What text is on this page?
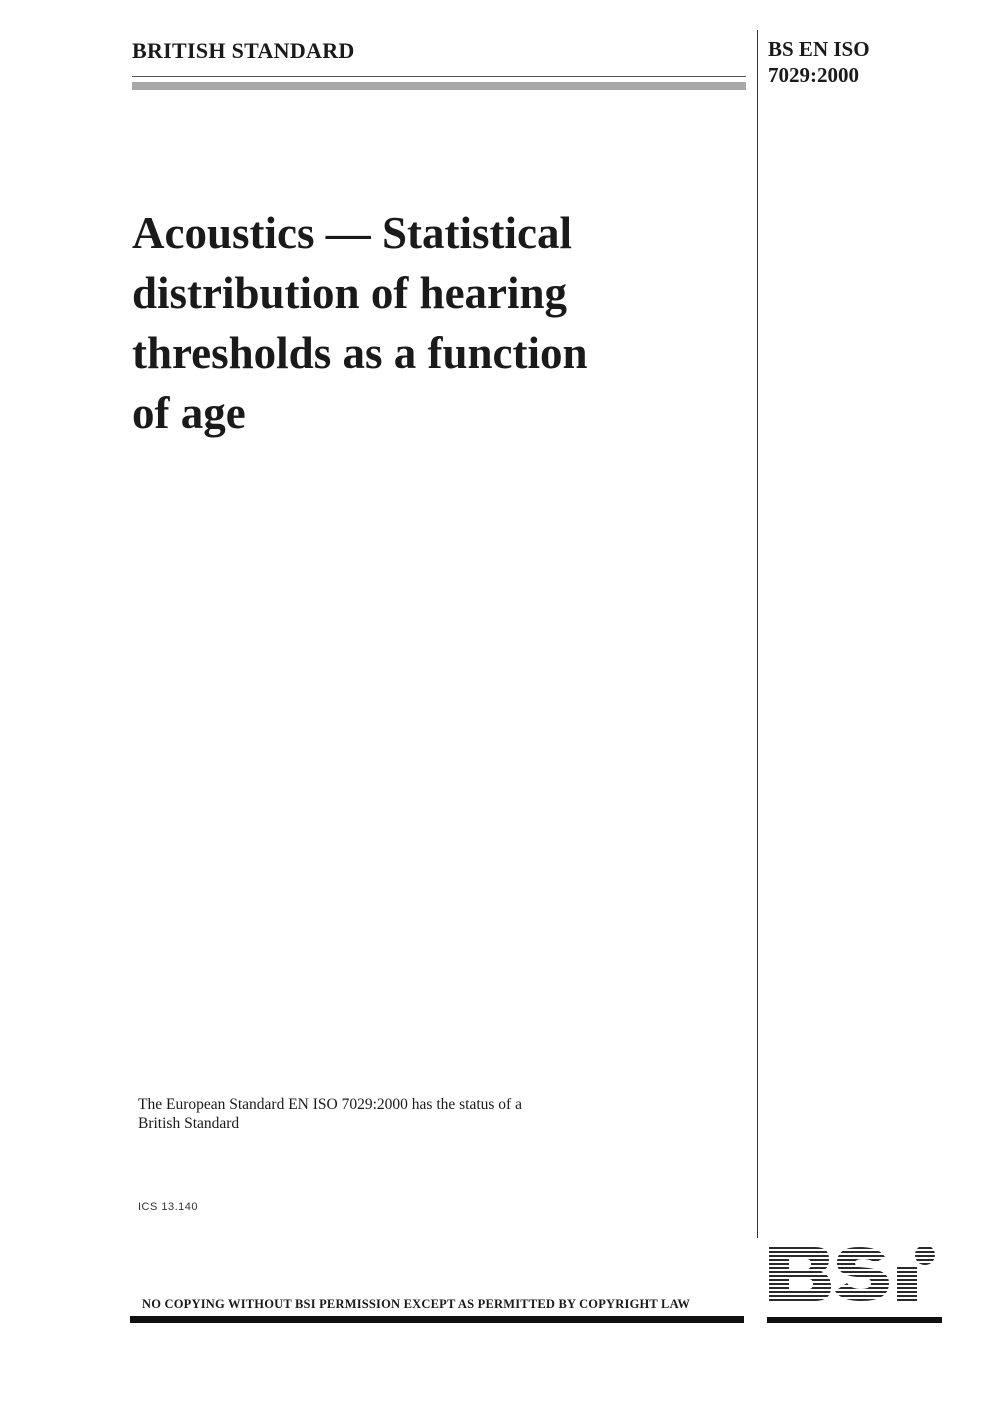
BRITISH STANDARD	BS EN ISO
7029:2000
Acoustics — Statistical
distribution of hearing
thresholds as a function
of age
The European Standard EN ISO 7029:2000 has the status of a
British Standard
ICS 13.140
NO COPYING WITHOUT BSI PERMISSION EXCEPT AS PERMITTED BY COPYRIGHT LAW
